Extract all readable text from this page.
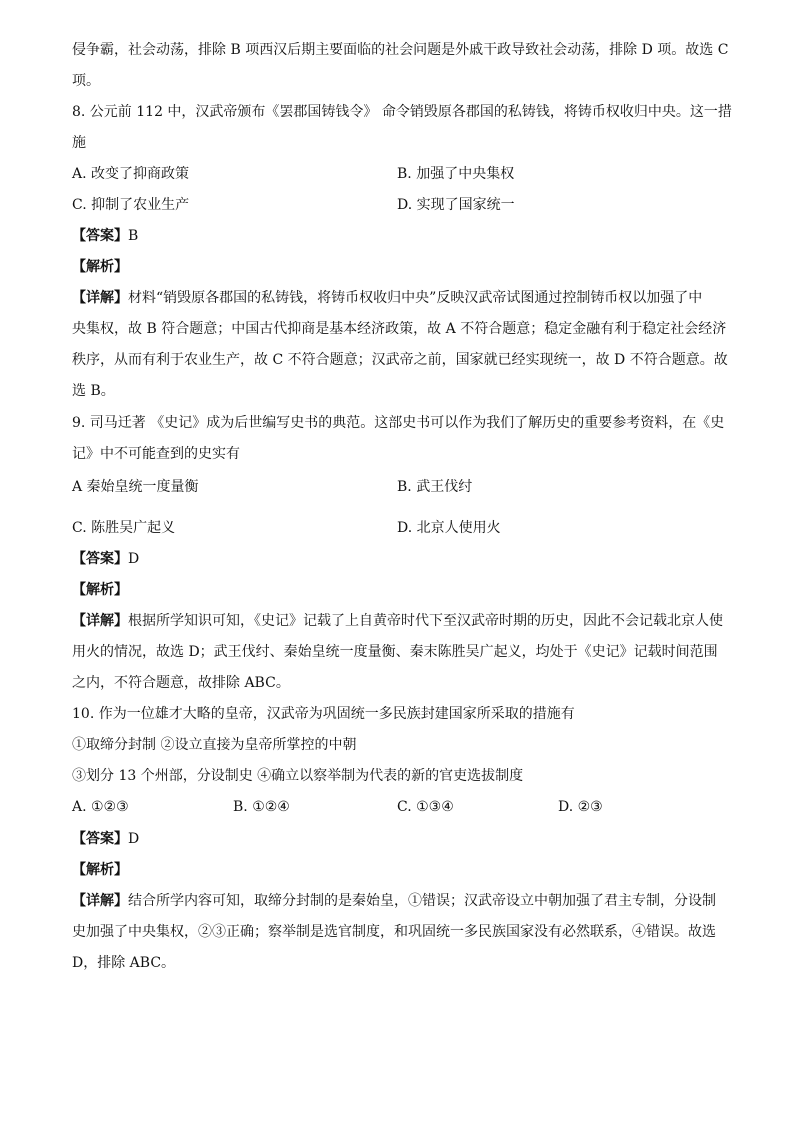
侵争霸，社会动荡，排除 B 项西汉后期主要面临的社会问题是外戚干政导致社会动荡，排除 D 项。故选 C
项。
8. 公元前 112 中，汉武帝颁布《罢郡国铸钱令》 命令销毁原各郡国的私铸钱，将铸币权收归中央。这一措
施
A. 改变了抑商政策	B. 加强了中央集权
C. 抑制了农业生产	D. 实现了国家统一
【答案】B
【解析】
【详解】材料“销毁原各郡国的私铸钱，将铸币权收归中央”反映汉武帝试图通过控制铸币权以加强了中
央集权，故 B 符合题意；中国古代抑商是基本经济政策，故 A 不符合题意；稳定金融有利于稳定社会经济
秩序，从而有利于农业生产，故 C 不符合题意；汉武帝之前，国家就已经实现统一，故 D 不符合题意。故
选 B。
9. 司马迁著 《史记》成为后世编写史书的典范。这部史书可以作为我们了解历史的重要参考资料，在《史
记》中不可能查到的史实有
A 秦始皇统一度量衡	B. 武王伐纣
C. 陈胜吴广起义	D. 北京人使用火
【答案】D
【解析】
【详解】根据所学知识可知，《史记》记载了上自黄帝时代下至汉武帝时期的历史，因此不会记载北京人使
用火的情况，故选 D；武王伐纣、秦始皇统一度量衡、秦末陈胜吴广起义，均处于《史记》记载时间范围
之内，不符合题意，故排除 ABC。
10. 作为一位雄才大略的皇帝，汉武帝为巩固统一多民族封建国家所采取的措施有
①取缔分封制 ②设立直接为皇帝所掌控的中朝
③划分 13 个州部，分设制史 ④确立以察举制为代表的新的官吏选拔制度
A. ①②③	B. ①②④	C. ①③④	D. ②③
【答案】D
【解析】
【详解】结合所学内容可知，取缔分封制的是秦始皇，①错误；汉武帝设立中朝加强了君主专制，分设制
史加强了中央集权，②③正确；察举制是选官制度，和巩固统一多民族国家没有必然联系，④错误。故选
D，排除 ABC。
